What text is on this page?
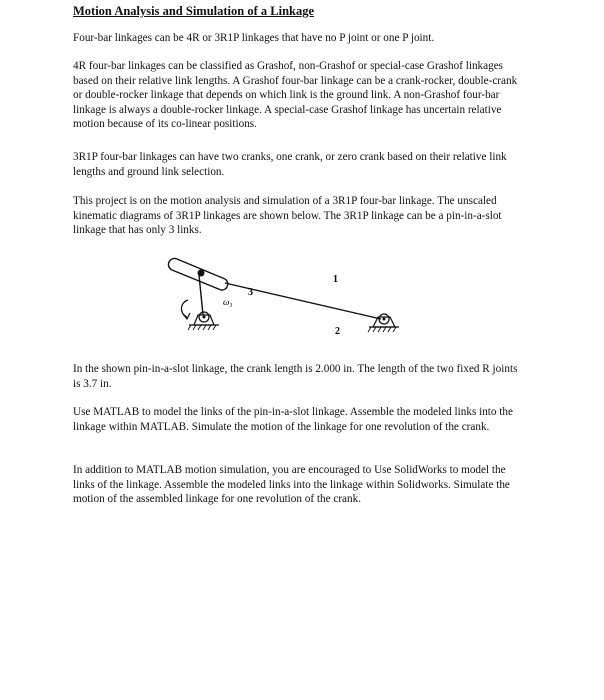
Motion Analysis and Simulation of a Linkage

Four-bar linkages can be 4R or 3R1P linkages that have no P joint or one P joint.

4R four-bar linkages can be classified as Grashof, non-Grashof or special-case Grashof linkages based on their relative link lengths. A Grashof four-bar linkage can be a crank-rocker, double-crank or double-rocker linkage that depends on which link is the ground link. A non-Grashof four-bar linkage is always a double-rocker linkage. A special-case Grashof linkage has uncertain relative motion because of its co-linear positions.

3R1P four-bar linkages can have two cranks, one crank, or zero crank based on their relative link lengths and ground link selection.

This project is on the motion analysis and simulation of a 3R1P four-bar linkage. The unscaled kinematic diagrams of 3R1P linkages are shown below. The 3R1P linkage can be a pin-in-a-slot linkage that has only 3 links.

1
2
3
ω₃

In the shown pin-in-a-slot linkage, the crank length is 2.000 in. The length of the two fixed R joints is 3.7 in.

Use MATLAB to model the links of the pin-in-a-slot linkage. Assemble the modeled links into the linkage within MATLAB. Simulate the motion of the linkage for one revolution of the crank.

In addition to MATLAB motion simulation, you are encouraged to Use SolidWorks to model the links of the linkage. Assemble the modeled links into the linkage within Solidworks. Simulate the motion of the assembled linkage for one revolution of the crank.
